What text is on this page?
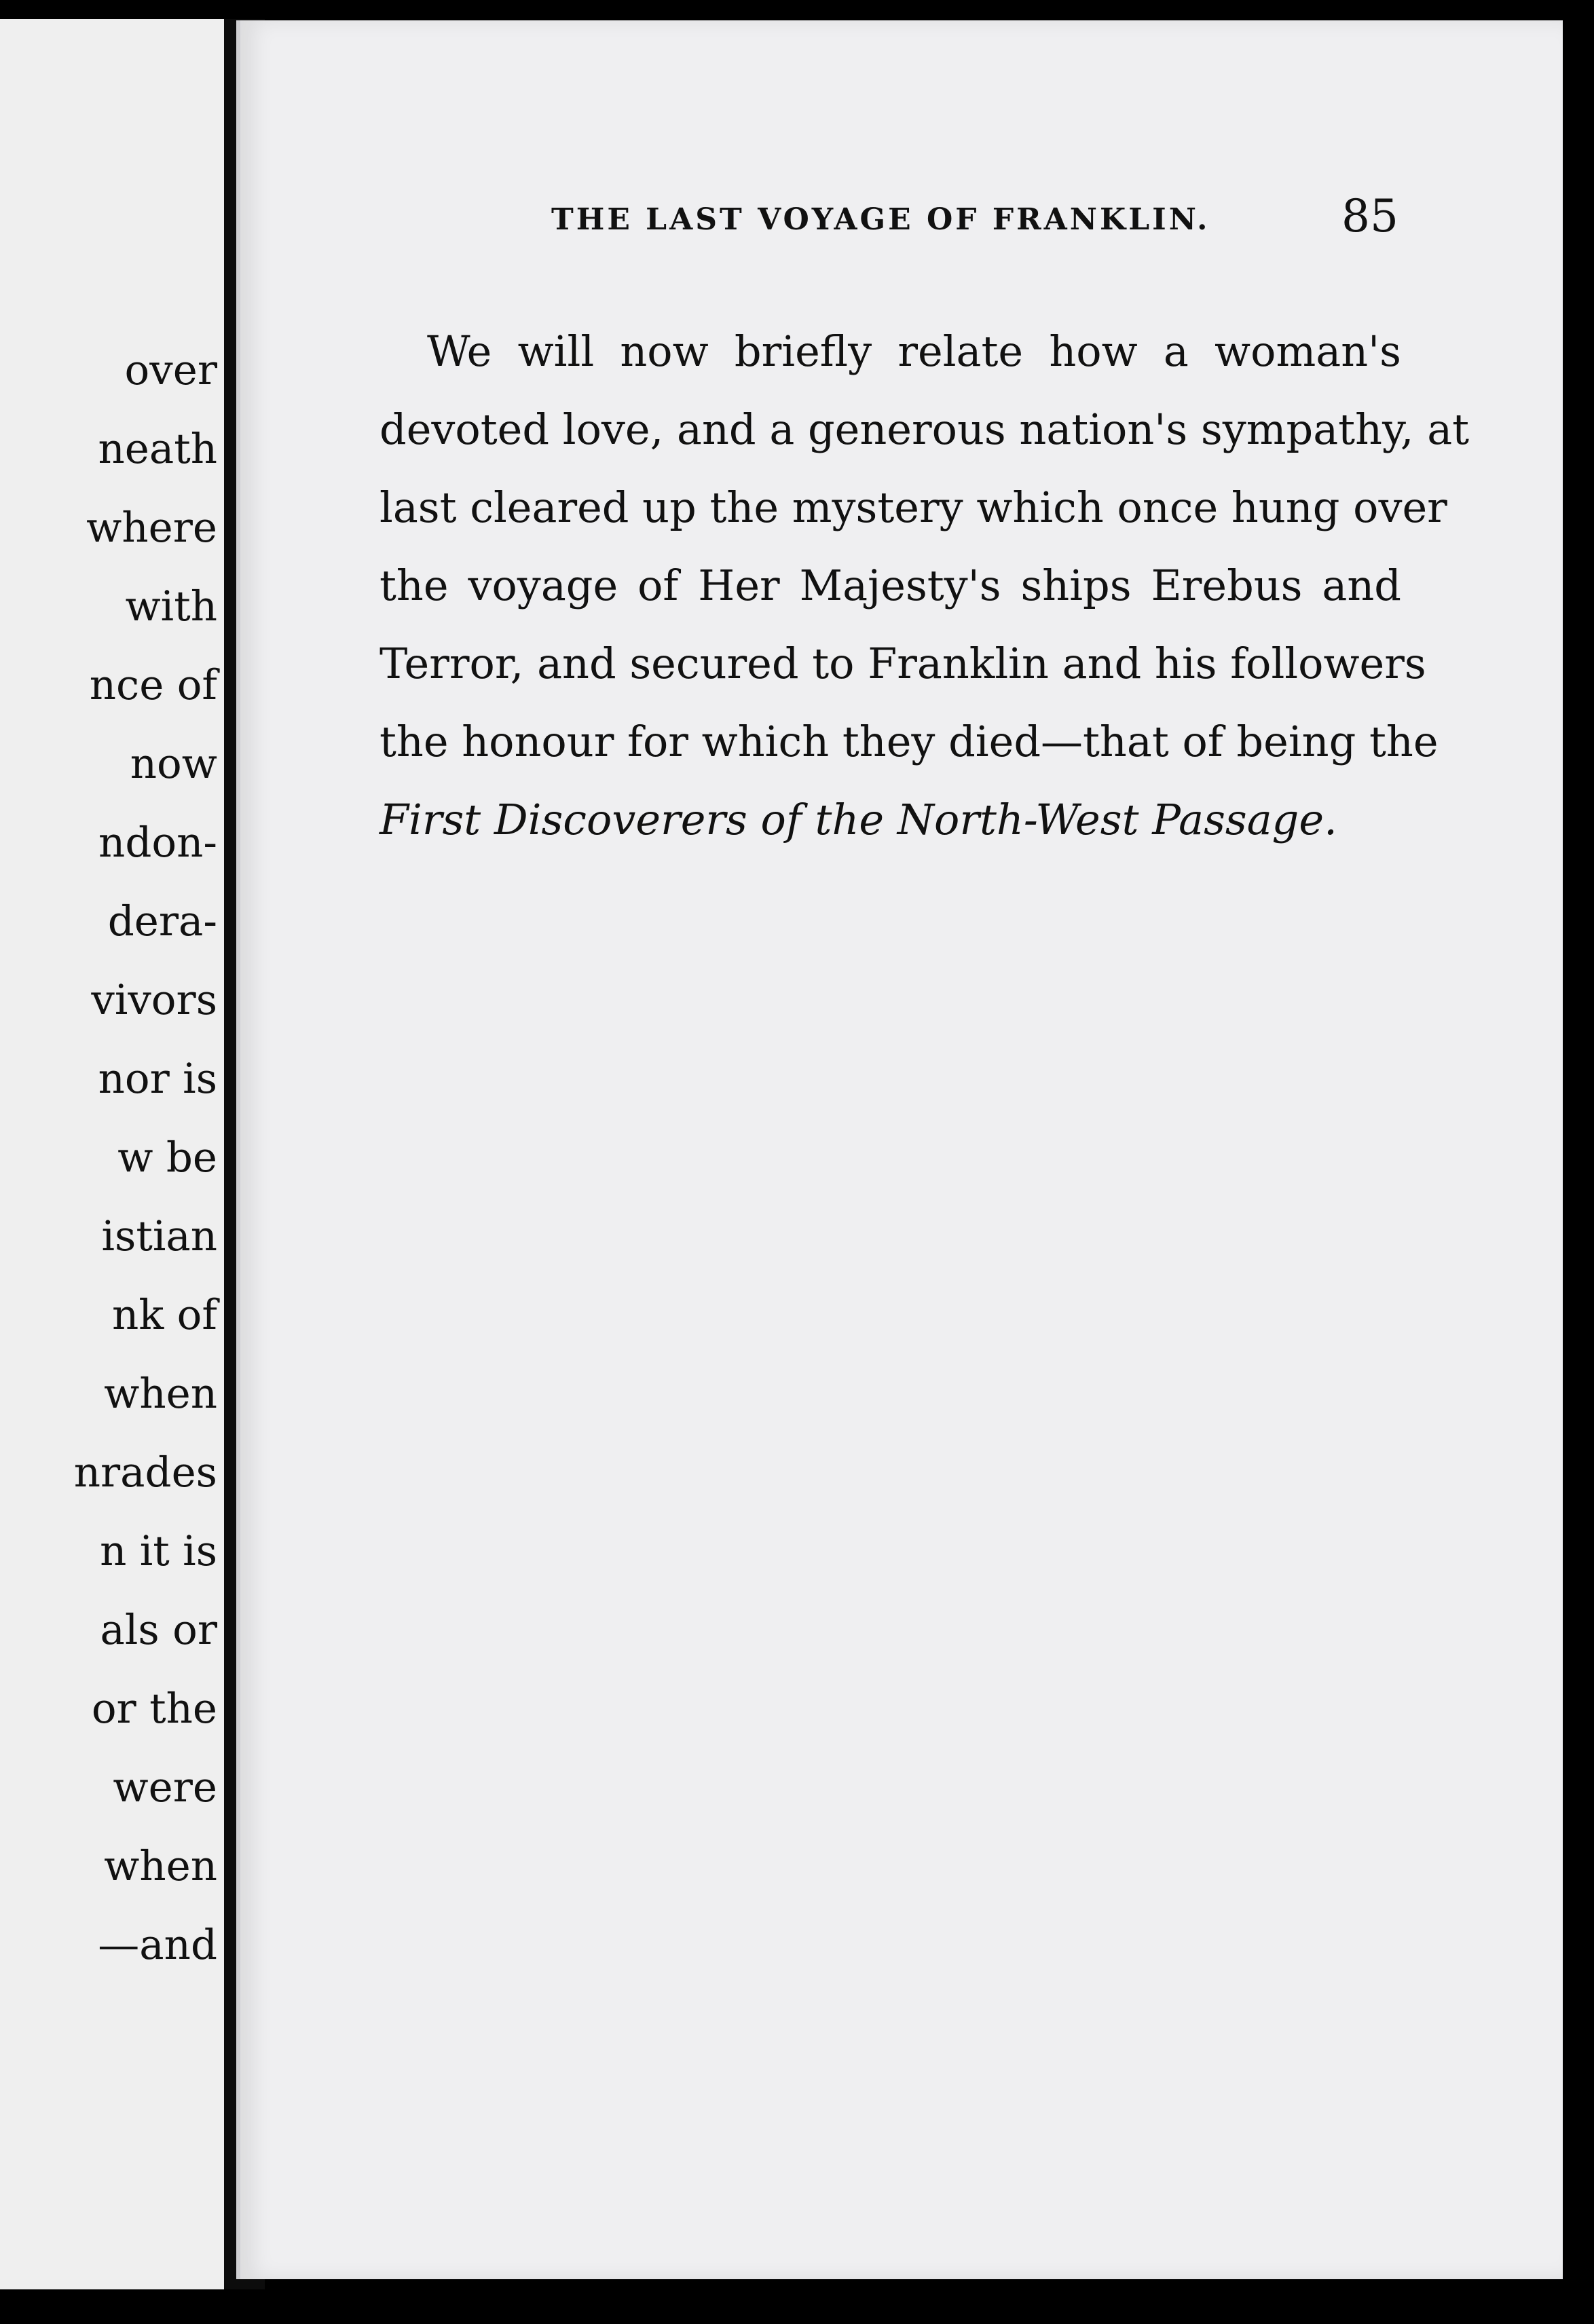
over
neath
where
with
nce of
now
ndon-
dera-
vivors
nor is
w be
istian
nk of
when
nrades
n it is
als or
or the
were
when
—and
THE LAST VOYAGE OF FRANKLIN.	85
We will now briefly relate how a woman's
devoted love, and a generous nation's sympathy, at
last cleared up the mystery which once hung over
the voyage of Her Majesty's ships Erebus and
Terror, and secured to Franklin and his followers
the honour for which they died—that of being the
First Discoverers of the North-West Passage.
